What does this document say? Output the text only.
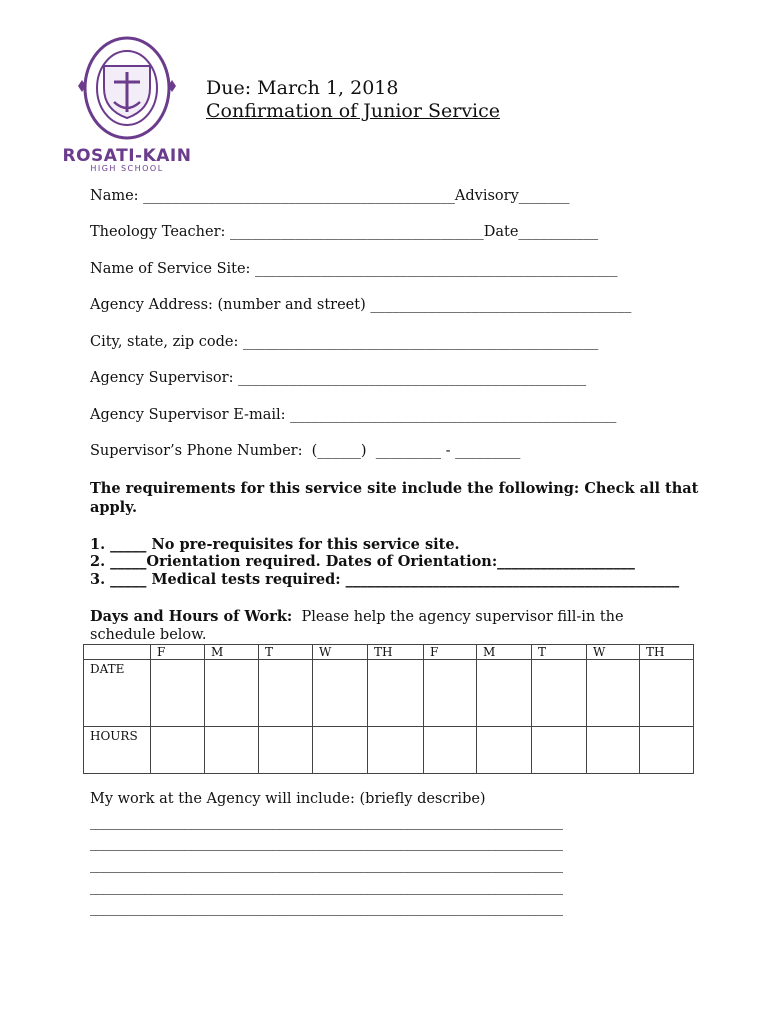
ROSATI-KAIN
HIGH SCHOOL
Due: March 1, 2018
Confirmation of Junior Service
Name: ___________________________________________Advisory_______
Theology Teacher: ___________________________________Date___________
Name of Service Site: __________________________________________________
Agency Address: (number and street) ____________________________________
City, state, zip code: _________________________________________________
Agency Supervisor: ________________________________________________
Agency Supervisor E-mail: _____________________________________________
Supervisor’s Phone Number:  (______)  _________ - _________
The requirements for this service site include the following: Check all that
apply.
1. _____ No pre-requisites for this service site.
2. _____Orientation required. Dates of Orientation:___________________
3. _____ Medical tests required: ______________________________________________
Days and Hours of Work:  Please help the agency supervisor fill-in the
schedule below.
	F	M	T	W	TH	F	M	T	W	TH
DATE										
HOURS										
My work at the Agency will include: (briefly describe)
______________________________________________________________________
______________________________________________________________________
______________________________________________________________________
______________________________________________________________________
______________________________________________________________________
